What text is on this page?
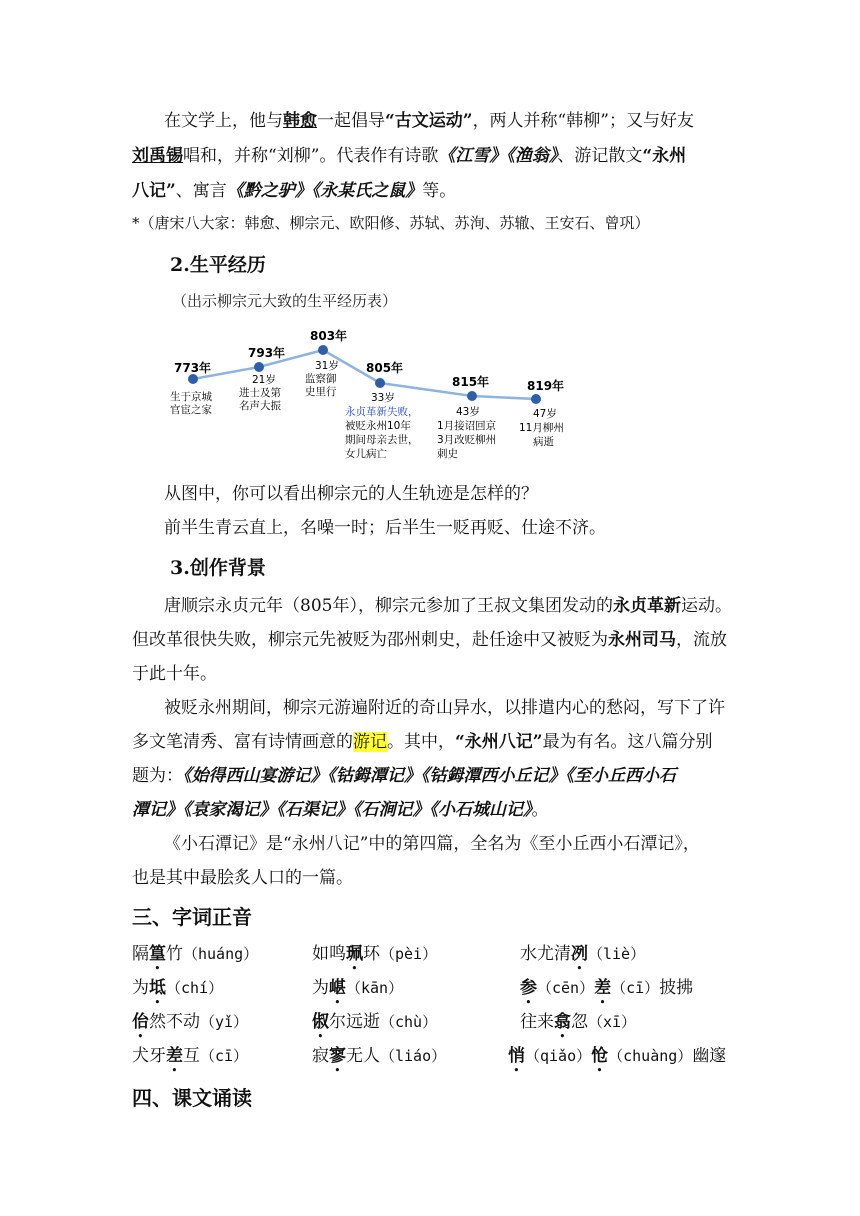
在文学上，他与韩愈一起倡导“古文运动”，两人并称“韩柳”；又与好友
刘禹锡唱和，并称“刘柳”。代表作有诗歌《江雪》《渔翁》、游记散文“永州
八记”、寓言《黔之驴》《永某氏之鼠》等。
*（唐宋八大家：韩愈、柳宗元、欧阳修、苏轼、苏洵、苏辙、王安石、曾巩）
2.生平经历
（出示柳宗元大致的生平经历表）
773年
793年
803年
805年
815年	819年
生于京城
官宦之家
21岁
进士及第
名声大振
31岁
监察御
史里行	33岁
永贞革新失败，
被贬永州10年
期间母亲去世，
女儿病亡
43岁
1月接诏回京
3月改贬柳州
刺史
47岁
11月柳州
病逝
从图中，你可以看出柳宗元的人生轨迹是怎样的？
前半生青云直上，名噪一时；后半生一贬再贬、仕途不济。
3.创作背景
唐顺宗永贞元年（805年），柳宗元参加了王叔文集团发动的永贞革新运动。
但改革很快失败，柳宗元先被贬为邵州刺史，赴任途中又被贬为永州司马，流放
于此十年。
被贬永州期间，柳宗元游遍附近的奇山异水，以排遣内心的愁闷，写下了许
多文笔清秀、富有诗情画意的游记。其中，“永州八记”最为有名。这八篇分别
题为：《始得西山宴游记》《钴鉧潭记》《钴鉧潭西小丘记》《至小丘西小石
潭记》《袁家渴记》《石渠记》《石涧记》《小石城山记》。
《小石潭记》是“永州八记”中的第四篇，全名为《至小丘西小石潭记》，
也是其中最脍炙人口的一篇。
三、字词正音
隔篁竹（huáng）	如鸣珮环（pèi）	水尤清冽（liè）
为坻（chí）	为嵁（kān）	参（cēn）差（cī）披拂
佁然不动（yǐ）	俶尔远逝（chù）	往来翕忽（xī）
犬牙差互（cī）	寂寥无人（liáo）	悄（qiǎo）怆（chuàng）幽邃
四、课文诵读
